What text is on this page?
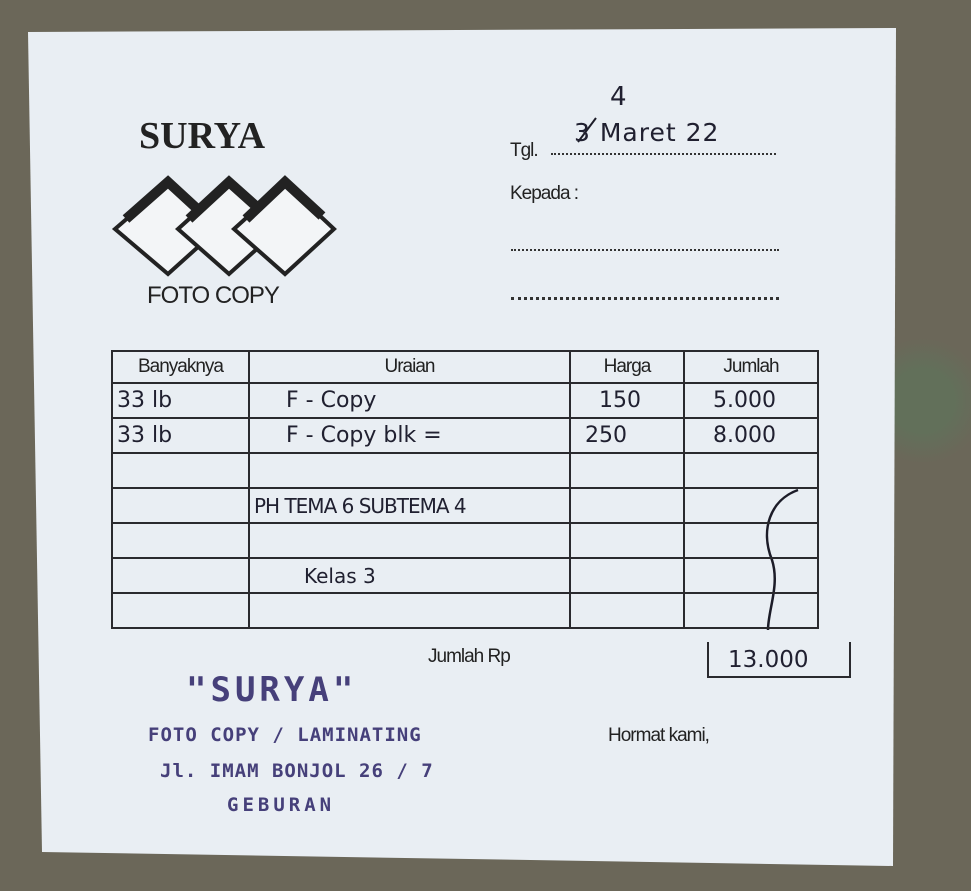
SURYA
FOTO COPY
Tgl.
4
3 Maret 22
Kepada :
Banyaknya	Uraian	Harga	Jumlah
33 lb	F - Copy	150	5.000
33 lb	F - Copy blk =	250	8.000

	PH TEMA 6 SUBTEMA 4		

	Kelas 3		

Jumlah Rp	13.000
"SURYA"
FOTO COPY / LAMINATING
Jl. IMAM BONJOL 26 / 7
GEBURAN
Hormat kami,
